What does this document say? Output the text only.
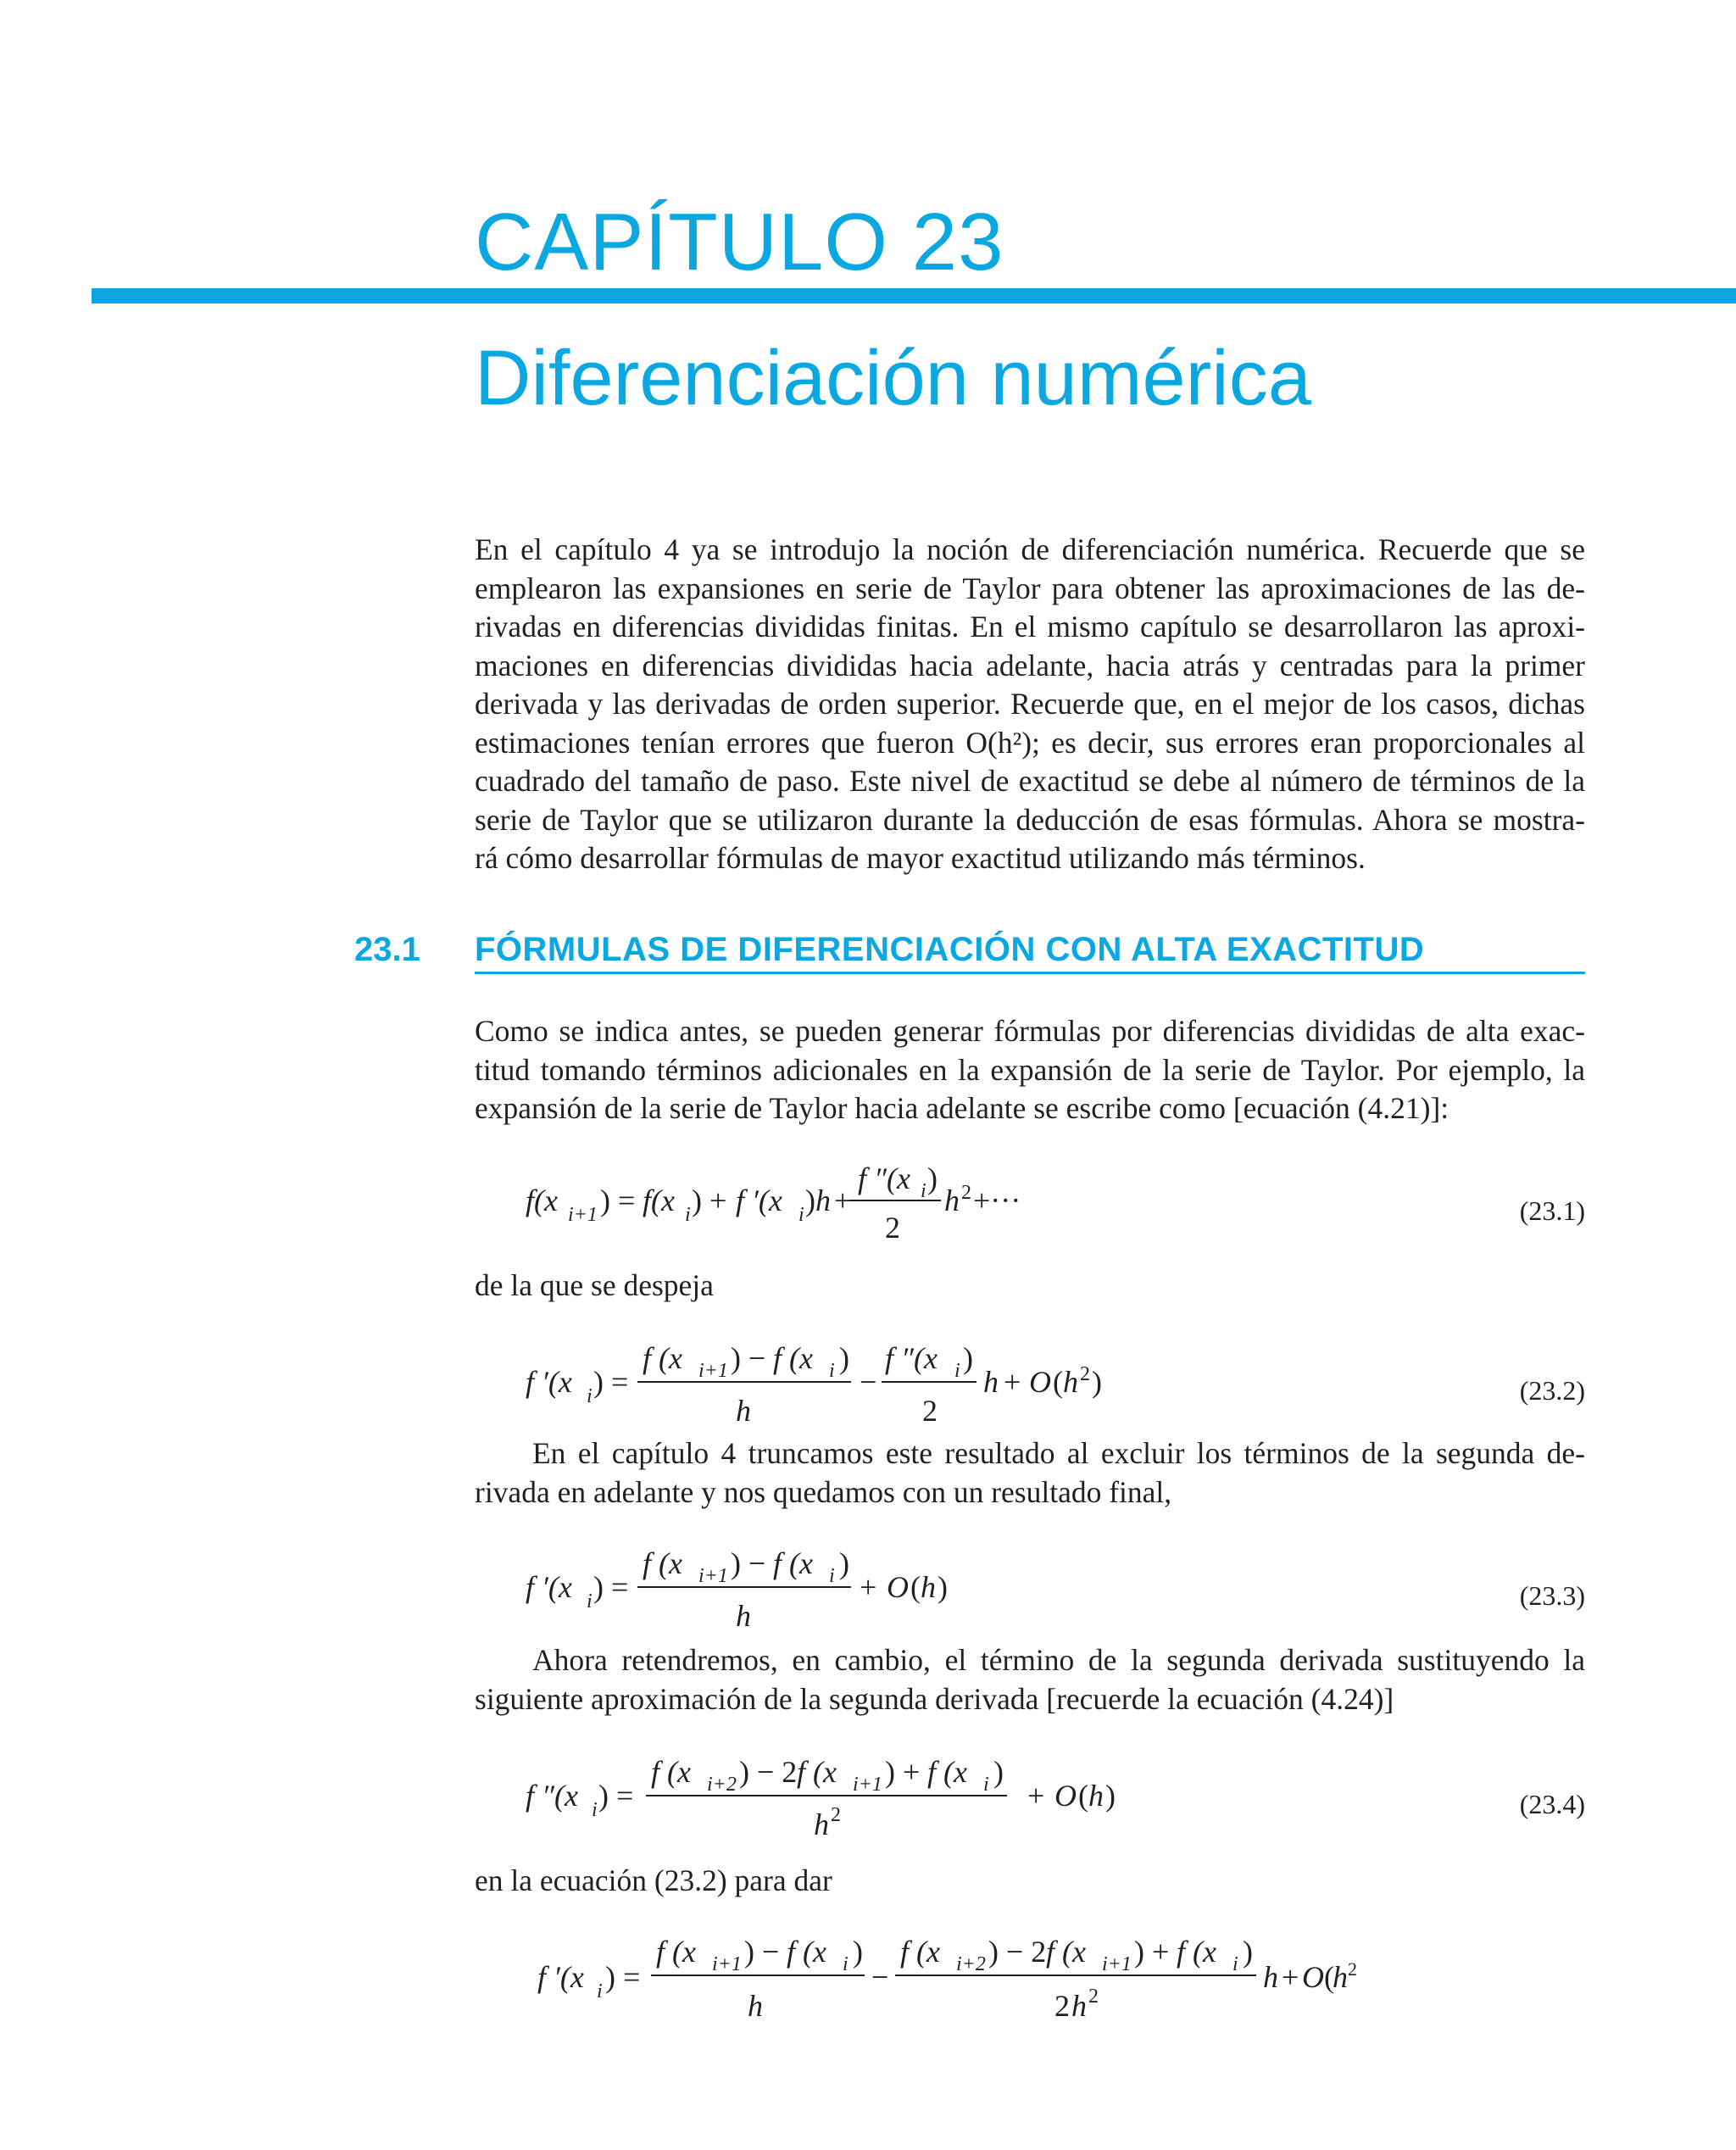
CAPÍTULO 23
Diferenciación numérica
En el capítulo 4 ya se introdujo la noción de diferenciación numérica. Recuerde que se
emplearon las expansiones en serie de Taylor para obtener las aproximaciones de las de-
rivadas en diferencias divididas finitas. En el mismo capítulo se desarrollaron las aproxi-
maciones en diferencias divididas hacia adelante, hacia atrás y centradas para la primer
derivada y las derivadas de orden superior. Recuerde que, en el mejor de los casos, dichas
estimaciones tenían errores que fueron O(h²); es decir, sus errores eran proporcionales al
cuadrado del tamaño de paso. Este nivel de exactitud se debe al número de términos de la
serie de Taylor que se utilizaron durante la deducción de esas fórmulas. Ahora se mostra-
rá cómo desarrollar fórmulas de mayor exactitud utilizando más términos.
23.1 FÓRMULAS DE DIFERENCIACIÓN CON ALTA EXACTITUD
Como se indica antes, se pueden generar fórmulas por diferencias divididas de alta exac-
titud tomando términos adicionales en la expansión de la serie de Taylor. Por ejemplo, la
expansión de la serie de Taylor hacia adelante se escribe como [ecuación (4.21)]:
f(x i+1 ) = f(x i ) + f ′(x i ) h +
f ″(x i )
2
h 2 +···	(23.1)
de la que se despeja
f ′(x i ) =
f (x i+1 ) − f (x i )
h
−
f ″(x i )
2
h + O ( h 2 )	(23.2)
En el capítulo 4 truncamos este resultado al excluir los términos de la segunda de-
rivada en adelante y nos quedamos con un resultado final,
f ′(x i ) =
f (x i+1 ) − f (x i )
h
+ O ( h )	(23.3)
Ahora retendremos, en cambio, el término de la segunda derivada sustituyendo la
siguiente aproximación de la segunda derivada [recuerde la ecuación (4.24)]
f ″(x i ) =
f (x i+2 ) − 2 f (x i+1 ) + f (x i )
h 2
+ O ( h )	(23.4)
en la ecuación (23.2) para dar
f ′(x i ) =
f (x i+1 ) − f (x i )
h
−
f (x i+2 ) − 2 f (x i+1 ) + f (x i )
2 h 2
h + O (
h 2
